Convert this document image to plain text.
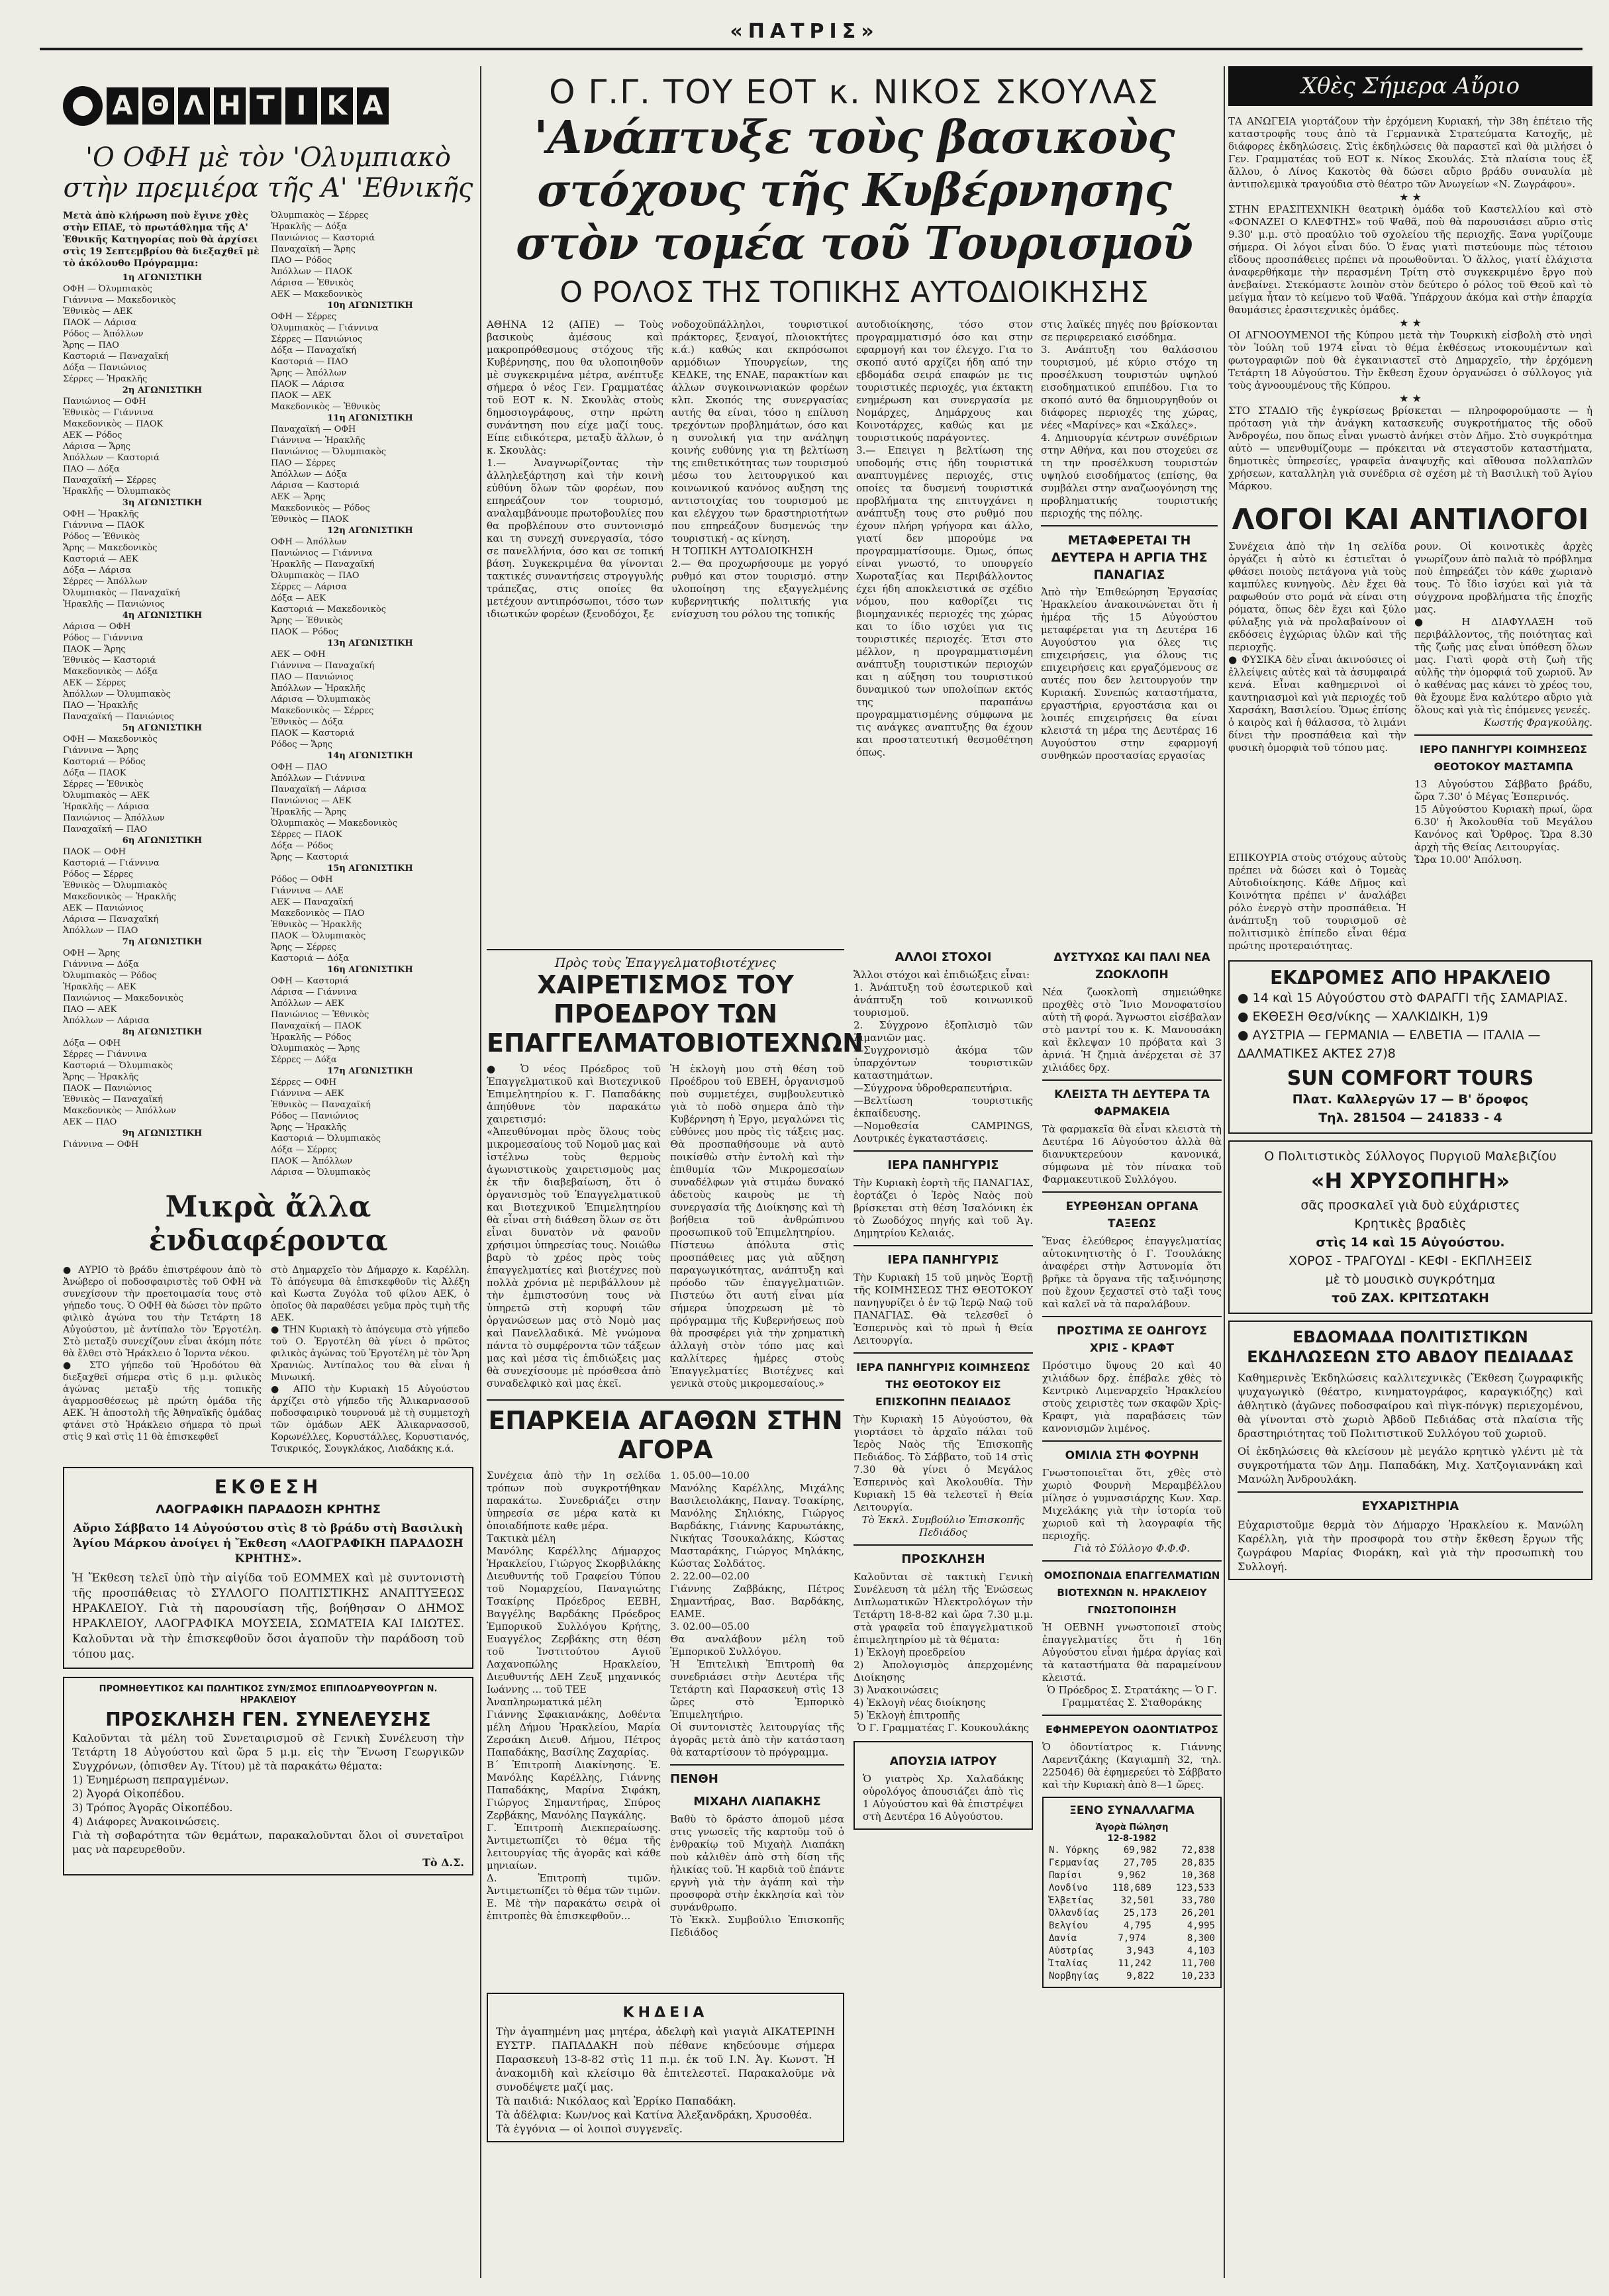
«ΠΑΤΡΙΣ»
Α Θ Λ Η Τ Ι Κ Α
'Ο ΟΦΗ μὲ τὸν 'Ολυμπιακὸ στὴν πρεμιέρα τῆς Α' 'Εθνικῆς
Μετὰ ἀπὸ κλήρωση ποὺ ἔγινε χθὲς στὴν ΕΠΑΕ, τὸ πρωτάθλημα τῆς Α' Ἐθνικῆς Κατηγορίας ποὺ θὰ ἀρχίσει στὶς 19 Σεπτεμβρίου θὰ διεξαχθεῖ μὲ τὸ ἀκόλουθο Πρόγραμμα:
1η ΑΓΩΝΙΣΤΙΚΗ
ΟΦΗ — Ὀλυμπιακὸς
Γιάννινα — Μακεδονικὸς
Ἐθνικὸς — ΑΕΚ
ΠΑΟΚ — Λάρισα
Ρόδος — Ἀπόλλων
Ἄρης — ΠΑΟ
Καστοριά — Παναχαϊκή
Δόξα — Πανιώνιος
Σέρρες — Ἡρακλῆς
2η ΑΓΩΝΙΣΤΙΚΗ
Πανιώνιος — ΟΦΗ
Ἐθνικὸς — Γιάννινα
Μακεδονικὸς — ΠΑΟΚ
ΑΕΚ — Ρόδος
Λάρισα — Ἄρης
Ἀπόλλων — Καστοριά
ΠΑΟ — Δόξα
Παναχαϊκή — Σέρρες
Ἡρακλῆς — Ὀλυμπιακὸς
3η ΑΓΩΝΙΣΤΙΚΗ
ΟΦΗ — Ἡρακλῆς
Γιάννινα — ΠΑΟΚ
Ρόδος — Ἐθνικὸς
Ἄρης — Μακεδονικὸς
Καστοριά — ΑΕΚ
Δόξα — Λάρισα
Σέρρες — Ἀπόλλων
Ὀλυμπιακὸς — Παναχαϊκή
Ἡρακλῆς — Πανιώνιος
4η ΑΓΩΝΙΣΤΙΚΗ
Λάρισα — ΟΦΗ
Ρόδος — Γιάννινα
ΠΑΟΚ — Ἄρης
Ἐθνικὸς — Καστοριά
Μακεδονικὸς — Δόξα
ΑΕΚ — Σέρρες
Ἀπόλλων — Ὀλυμπιακὸς
ΠΑΟ — Ἡρακλῆς
Παναχαϊκή — Πανιώνιος
5η ΑΓΩΝΙΣΤΙΚΗ
ΟΦΗ — Μακεδονικὸς
Γιάννινα — Ἄρης
Καστοριά — Ρόδος
Δόξα — ΠΑΟΚ
Σέρρες — Ἐθνικὸς
Ὀλυμπιακὸς — ΑΕΚ
Ἡρακλῆς — Λάρισα
Πανιώνιος — Ἀπόλλων
Παναχαϊκή — ΠΑΟ
6η ΑΓΩΝΙΣΤΙΚΗ
ΠΑΟΚ — ΟΦΗ
Καστοριά — Γιάννινα
Ρόδος — Σέρρες
Ἐθνικὸς — Ὀλυμπιακὸς
Μακεδονικὸς — Ἡρακλῆς
ΑΕΚ — Πανιώνιος
Λάρισα — Παναχαϊκή
Ἀπόλλων — ΠΑΟ
7η ΑΓΩΝΙΣΤΙΚΗ
ΟΦΗ — Ἄρης
Γιάννινα — Δόξα
Ὀλυμπιακὸς — Ρόδος
Ἡρακλῆς — ΑΕΚ
Πανιώνιος — Μακεδονικὸς
ΠΑΟ — ΑΕΚ
Ἀπόλλων — Λάρισα
8η ΑΓΩΝΙΣΤΙΚΗ
Δόξα — ΟΦΗ
Σέρρες — Γιάννινα
Καστοριά — Ὀλυμπιακὸς
Ἄρης — Ἡρακλῆς
ΠΑΟΚ — Πανιώνιος
Ἐθνικὸς — Παναχαϊκή
Μακεδονικὸς — Ἀπόλλων
ΑΕΚ — ΠΑΟ
9η ΑΓΩΝΙΣΤΙΚΗ
Γιάννινα — ΟΦΗ
Ὀλυμπιακὸς — Σέρρες
Ἡρακλῆς — Δόξα
Πανιώνιος — Καστοριά
Παναχαϊκή — Ἄρης
ΠΑΟ — Ρόδος
Ἀπόλλων — ΠΑΟΚ
Λάρισα — Ἐθνικὸς
ΑΕΚ — Μακεδονικὸς
10η ΑΓΩΝΙΣΤΙΚΗ
ΟΦΗ — Σέρρες
Ὀλυμπιακὸς — Γιάννινα
Σέρρες — Πανιώνιος
Δόξα — Παναχαϊκή
Καστοριά — ΠΑΟ
Ἄρης — Ἀπόλλων
ΠΑΟΚ — Λάρισα
ΠΑΟΚ — ΑΕΚ
Μακεδονικὸς — Ἐθνικὸς
11η ΑΓΩΝΙΣΤΙΚΗ
Παναχαϊκή — ΟΦΗ
Γιάννινα — Ἡρακλῆς
Πανιώνιος — Ὀλυμπιακὸς
ΠΑΟ — Σέρρες
Ἀπόλλων — Δόξα
Λάρισα — Καστοριά
ΑΕΚ — Ἄρης
Μακεδονικὸς — Ρόδος
Ἐθνικὸς — ΠΑΟΚ
12η ΑΓΩΝΙΣΤΙΚΗ
ΟΦΗ — Ἀπόλλων
Πανιώνιος — Γιάννινα
Ἡρακλῆς — Παναχαϊκή
Ὀλυμπιακὸς — ΠΑΟ
Σέρρες — Λάρισα
Δόξα — ΑΕΚ
Καστοριά — Μακεδονικὸς
Ἄρης — Ἐθνικὸς
ΠΑΟΚ — Ρόδος
13η ΑΓΩΝΙΣΤΙΚΗ
ΑΕΚ — ΟΦΗ
Γιάννινα — Παναχαϊκή
ΠΑΟ — Πανιώνιος
Ἀπόλλων — Ἡρακλῆς
Λάρισα — Ὀλυμπιακὸς
Μακεδονικὸς — Σέρρες
Ἐθνικὸς — Δόξα
ΠΑΟΚ — Καστοριά
Ρόδος — Ἄρης
14η ΑΓΩΝΙΣΤΙΚΗ
ΟΦΗ — ΠΑΟ
Ἀπόλλων — Γιάννινα
Παναχαϊκή — Λάρισα
Πανιώνιος — ΑΕΚ
Ἡρακλῆς — Ἄρης
Ὀλυμπιακὸς — Μακεδονικὸς
Σέρρες — ΠΑΟΚ
Δόξα — Ρόδος
Ἄρης — Καστοριά
15η ΑΓΩΝΙΣΤΙΚΗ
Ρόδος — ΟΦΗ
Γιάννινα — ΛΑΕ
ΑΕΚ — Παναχαϊκή
Μακεδονικὸς — ΠΑΟ
Ἐθνικὸς — Ἡρακλῆς
ΠΑΟΚ — Ὀλυμπιακὸς
Ἄρης — Σέρρες
Καστοριά — Δόξα
16η ΑΓΩΝΙΣΤΙΚΗ
ΟΦΗ — Καστοριά
Λάρισα — Γιάννινα
Ἀπόλλων — ΑΕΚ
Πανιώνιος — Ἐθνικὸς
Παναχαϊκή — ΠΑΟΚ
Ἡρακλῆς — Ρόδος
Ὀλυμπιακὸς — Ἄρης
Σέρρες — Δόξα
17η ΑΓΩΝΙΣΤΙΚΗ
Σέρρες — ΟΦΗ
Γιάννινα — ΑΕΚ
Ἐθνικὸς — Παναχαϊκή
Ρόδος — Πανιώνιος
Ἄρης — Ἡρακλῆς
Καστοριά — Ὀλυμπιακὸς
Δόξα — Σέρρες
ΠΑΟΚ — Ἀπόλλων
Λάρισα — Ὀλυμπιακὸς
Μικρὰ ἄλλα ἐνδιαφέροντα
● ΑΥΡΙΟ τὸ βράδυ ἐπιστρέφουν ἀπὸ τὸ Ἀνώβερο οἱ ποδοσφαιριστὲς τοῦ ΟΦΗ νὰ συνεχίσουν τὴν προετοιμασία τους στὸ γήπεδο τους. Ὁ ΟΦΗ θὰ δώσει τὸν πρῶτο φιλικὸ ἀγώνα του τὴν Τετάρτη 18 Αὐγούστου, μὲ ἀντίπαλο τὸν Ἐργοτέλη. Στὸ μεταξὺ συνεχίζουν εἶναι ἀκόμη πότε θὰ ἔλθει στὸ Ἡράκλειο ὁ Ἰορντα νέκου.
● ΣΤΟ γήπεδο τοῦ Ἡροδότου θὰ διεξαχθεῖ σήμερα στὶς 6 μ.μ. φιλικὸς ἀγώνας μεταξὺ τῆς τοπικῆς ἀγαρμοσθέσεως μὲ πρώτη ὁμάδα τῆς ΑΕΚ. Ἡ ἀποστολὴ τῆς Ἀθηναϊκῆς ὁμάδας φτάνει στὸ Ἡράκλειο σήμερα τὸ πρωὶ στὶς 9 καὶ στὶς 11 θὰ ἐπισκεφθεῖ
στὸ Δημαρχεῖο τὸν Δήμαρχο κ. Καρέλλη. Τὸ ἀπόγευμα θὰ ἐπισκεφθοῦν τὶς Ἀλέξη καὶ Κωστα Ζυγόλα τοῦ φίλου ΑΕΚ, ὁ ὁποῖος θὰ παραθέσει γεῦμα πρὸς τιμὴ τῆς ΑΕΚ.
● ΤΗΝ Κυριακὴ τὸ ἀπόγευμα στὸ γήπεδο τοῦ Ο. Ἐργοτέλη θὰ γίνει ὁ πρῶτος φιλικὸς ἀγώνας τοῦ Ἐργοτέλη μὲ τὸν Ἄρη Χρανιὼς. Ἀντίπαλος του θὰ εἶναι ἡ Μινωική.
● ΑΠΟ τὴν Κυριακὴ 15 Αὐγούστου ἀρχίζει στὸ γήπεδο τῆς Ἀλικαρνασσοῦ ποδοσφαιρικὸ τουρνουά μὲ τὴ συμμετοχὴ τῶν ὁμάδων ΑΕΚ Ἀλικαρνασσοῦ, Κορωνέλλες, Κορυστάλλες, Κορυστιανός, Τσικρικός, Σουγκλάκος, Λιαδάκης κ.ά.
ΕΚΘΕΣΗ
ΛΑΟΓΡΑΦΙΚΗ ΠΑΡΑΔΟΣΗ ΚΡΗΤΗΣ
Αὔριο Σάββατο 14 Αὐγούστου στὶς 8 τὸ βράδυ στὴ Βασιλικὴ Ἁγίου Μάρκου ἀνοίγει ἡ Ἔκθεση «ΛΑΟΓΡΑΦΙΚΗ ΠΑΡΑΔΟΣΗ ΚΡΗΤΗΣ».
Ἡ Ἔκθεση τελεῖ ὑπὸ τὴν αἰγίδα τοῦ ΕΟΜΜΕΧ καὶ μὲ συντονιστὴ τῆς προσπάθειας τὸ ΣΥΛΛΟΓΟ ΠΟΛΙΤΙΣΤΙΚΗΣ ΑΝΑΠΤΥΞΕΩΣ ΗΡΑΚΛΕΙΟΥ. Γιὰ τὴ παρουσίαση τῆς, βοήθησαν Ο ΔΗΜΟΣ ΗΡΑΚΛΕΙΟΥ, ΛΑΟΓΡΑΦΙΚΑ ΜΟΥΣΕΙΑ, ΣΩΜΑΤΕΙΑ ΚΑΙ ΙΔΙΩΤΕΣ. Καλοῦνται νὰ τὴν ἐπισκεφθοῦν ὅσοι ἀγαποῦν τὴν παράδοση τοῦ τόπου μας.
ΠΡΟΜΗΘΕΥΤΙΚΟΣ ΚΑΙ ΠΩΛΗΤΙΚΟΣ ΣΥΝ/ΣΜΟΣ ΕΠΙΠΛΟΔΡΥΘΟΥΡΓΩΝ Ν. ΗΡΑΚΛΕΙΟΥ
ΠΡΟΣΚΛΗΣΗ ΓΕΝ. ΣΥΝΕΛΕΥΣΗΣ
Καλοῦνται τὰ μέλη τοῦ Συνεταιρισμοῦ σὲ Γενικὴ Συνέλευση τὴν Τετάρτη 18 Αὐγούστου καὶ ὥρα 5 μ.μ. εἰς τὴν Ἕνωση Γεωργικῶν Συγχρόνων, (ὀπισθεν Αγ. Τίτου) μὲ τὰ παρακάτω θέματα:
1) Ἐνημέρωση πεπραγμένων.
2) Ἀγορά Οἰκοπέδου.
3) Τρόπος Ἀγορᾶς Οἰκοπέδου.
4) Διάφορες Ἀνακοινώσεις.
Γιὰ τὴ σοβαρότητα τῶν θεμάτων, παρακαλοῦνται ὅλοι οἱ συνεταῖροι μας νὰ παρευρεθοῦν.
Τὸ Δ.Σ.
Ο Γ.Γ. ΤΟΥ ΕΟΤ κ. ΝΙΚΟΣ ΣΚΟΥΛΑΣ
'Ανάπτυξε τοὺς βασικοὺς στόχους τῆς Κυβέρνησης στὸν τομέα τοῦ Τουρισμοῦ
Ο ΡΟΛΟΣ ΤΗΣ ΤΟΠΙΚΗΣ ΑΥΤΟΔΙΟΙΚΗΣΗΣ
ΑΘΗΝΑ 12 (ΑΠΕ) — Τοὺς βασικοὺς ἀμέσους καὶ μακροπρόθεσμους στόχους τῆς Κυβέρνησης, που θα υλοποιηθοῦν μὲ συγκεκριμένα μέτρα, ανέπτυξε σήμερα ὁ νέος Γεν. Γραμματέας τοῦ ΕΟΤ κ. Ν. Σκουλὰς στοὺς δημοσιογράφους, στην πρώτη συνάντηση που είχε μαζί τους. Είπε ειδικότερα, μεταξὺ ἄλλων, ὁ κ. Σκουλὰς:
1.— Ἀναγνωρίζοντας τὴν ἀλληλεξάρτηση καὶ τὴν κοινὴ εὐθύνη ὅλων τῶν φορέων, που επηρεάζουν τον τουρισμό, αναλαμβάνουμε πρωτοβουλίες που θα προβλέπουν στο συντονισμό και τη συνεχή συνεργασία, τόσο σε πανελλήνια, όσο και σε τοπική βάση. Συγκεκριμένα θα γίνονται τακτικές συναντήσεις στρογγυλής τράπεζας, στις οποίες θα μετέχουν αντιπρόσωποι, τόσο των ιδιωτικών φορέων (ξενοδόχοι, ξε
νοδοχοϋπάλληλοι, τουριστικοί πράκτορες, ξεναγοί, πλοιοκτήτες κ.ά.) καθώς και εκπρόσωποι αρμόδιων Υπουργείων, της ΚΕΔΚΕ, της ΕΝΑΕ, παρακτίων και άλλων συγκοινωνιακών φορέων κλπ. Σκοπός της συνεργασίας αυτής θα είναι, τόσο η επίλυση τρεχόντων προβλημάτων, όσο και η συνολική για την ανάληψη κοινής ευθύνης για τη βελτίωση της επιθετικότητας των τουρισμού μέσω του λειτουργικού και κοινωνικού κανόνος αυξηση της αντιστοιχίας του τουρισμού με και ελέγχου των δραστηριοτήτων που επηρεάζουν δυσμενώς την τουριστική - ας κίνηση.
Η ΤΟΠΙΚΗ ΑΥΤΟΔΙΟΙΚΗΣΗ
2.— Θα προχωρήσουμε με γοργό ρυθμό και στον τουρισμό. στην υλοποίηση της εξαγγελμένης κυβερνητικής πολιτικής για ενίσχυση του ρόλου της τοπικής
αυτοδιοίκησης, τόσο στον προγραμματισμό όσο και στην εφαρμογή και τον έλεγχο. Για το σκοπό αυτό αρχίζει ήδη από την εβδομάδα σειρά επαφών με τις τουριστικές περιοχές, για έκτακτη ενημέρωση και συνεργασία με Νομάρχες, Δημάρχους και Κοινοτάρχες, καθώς και με τουριστικούς παράγοντες.
3.— Επειγει η βελτίωση της υποδομής στις ήδη τουριστικά αναπτυγμένες περιοχές, στις οποίες τα δυσμενή τουριστικά προβλήματα της επιτυγχάνει η ανάπτυξη τους στο ρυθμό που έχουν πλήρη γρήγορα και άλλο, γιατί δεν μπορούμε να προγραμματίσουμε. Όμως, όπως είναι γνωστό, το υπουργείο Χωροταξίας και Περιβάλλοντος έχει ήδη αποκλειστικά σε σχέδιο νόμου, που καθορίζει τις βιομηχανικές περιοχές της χώρας και το ίδιο ισχύει για τις τουριστικές περιοχές. Έτσι στο μέλλον, η προγραμματισμένη ανάπτυξη τουριστικών περιοχών και η αύξηση του τουριστικού δυναμικού των υπολοίπων εκτός της παραπάνω προγραμματισμένης σύμφωνα με τις ανάγκες αναπτυξης θα έχουν και προστατευτική θεσμοθέτηση όπως.
στις λαϊκές πηγές που βρίσκονται σε περιφερειακό εισόδημα.
3. Ανάπτυξη του θαλάσσιου τουρισμού, μέ κύριο στόχο τη προσέλκυση τουριστών υψηλού εισοδηματικού επιπέδου. Για το σκοπό αυτό θα δημιουργηθούν οι διάφορες περιοχές της χώρας, νέες «Μαρίνες» και «Σκάλες».
4. Δημιουργία κέντρων συνέδριων στην Αθήνα, και που στοχεύει σε τη την προσέλκυση τουριστών υψηλού εισοδήματος (επίσης, θα συμβάλει στην αναζωογόνηση της προβληματικής τουριστικής περιοχής της πόλης.
ΜΕΤΑΦΕΡΕΤΑΙ ΤΗ ΔΕΥΤΕΡΑ Η ΑΡΓΙΑ ΤΗΣ ΠΑΝΑΓΙΑΣ
Ἀπὸ τὴν Ἐπιθεώρηση Ἐργασίας Ἡρακλείου ἀνακοινώνεται ὅτι ἡ ἡμέρα τῆς 15 Αὐγούστου μεταφέρεται για τη Δευτέρα 16 Αυγούστου για όλες τις επιχειρήσεις, για όλους τις επιχειρήσεις και εργαζόμενους σε αυτές που δεν λειτουργούν την Κυριακή. Συνεπώς καταστήματα, εργαστήρια, εργοστάσια και οι λοιπές επιχειρήσεις θα είναι κλειστά τη μέρα της Δευτέρας 16 Αυγούστου στην εφαρμογή συνθηκών προστασίας εργασίας
Πρὸς τοὺς Ἐπαγγελματοβιοτέχνες
ΧΑΙΡΕΤΙΣΜΟΣ ΤΟΥ ΠΡΟΕΔΡΟΥ ΤΩΝ ΕΠΑΓΓΕΛΜΑΤΟΒΙΟΤΕΧΝΩΝ
● Ὁ νέος Πρόεδρος τοῦ Ἐπαγγελματικοῦ καὶ Βιοτεχνικοῦ Ἐπιμελητηρίου κ. Γ. Παπαδάκης ἀπηύθυνε τὸν παρακάτω χαιρετισμό:
«Ἀπευθύνομαι πρὸς ὅλους τοὺς μικρομεσαίους τοῦ Νομοῦ μας καὶ ἰστέλνω τοὺς θερμοὺς ἀγωνιστικοὺς χαιρετισμοὺς μας ἐκ τῆν διαβεβαίωση, ὅτι ὁ ὀργανισμὸς τοῦ Ἐπαγγελματικοῦ και Βιοτεχνικοῦ Ἐπιμελητηρίου θὰ εἶναι στὴ διάθεση ὅλων σε ὅτι εἶναι δυνατὸν νὰ φανοῦν χρήσιμοι ὑπηρεσίας τους. Νοιώθω βαρὺ τὸ χρέος πρὸς τοὺς ἐπαγγελματίες καὶ βιοτέχνες ποὺ πολλὰ χρόνια μὲ περιβάλλουν μὲ τὴν ἐμπιστοσύνη τους νὰ ὑπηρετῶ στὴ κορυφή τῶν ὀργανώσεων μας στὸ Νομὸ μας καὶ Πανελλαδικά. Μὲ γνώμονα πάντα τὸ συμφέροντα τῶν τάξεων μας καὶ μέσα τὶς ἐπιδιώξεις μας θὰ συνεχίσουμε μὲ πρόσθεσα ἀπὸ συναδελφικὸ καὶ μας ἐκεῖ.
Ἡ ἐκλογὴ μου στὴ θέση τοῦ Προέδρου τοῦ ΕΒΕΗ, ὀργανισμοῦ ποὺ συμμετέχει, συμβουλευτικὸ γιὰ τὸ ποδὸ σημερα ἀπὸ τὴν Κυβέρνηση ἡ Ἐργο, μεγαλώνει τὶς εὐθύνες μου πρὸς τὶς τάξεις μας. Θὰ προσπαθήσουμε νὰ αυτὸ ποικίσθὼ στὴν ἐντολὴ καὶ τὴν ἐπιθυμία τῶν Μικρομεσαίων συναδέλφων γιὰ στιμάω δυνακό ἀδετοὺς καιροὺς με τὴ συνεργασία τῆς Διοίκησης καὶ τὴ βοήθεια τοῦ ἀνθρώπινου προσωπικοῦ τοῦ Ἐπιμελητηρίου.
Πίστευω ἀπόλυτα στὶς προσπάθειες μας γιὰ αὔξηση παραγωγικότητας, ανάπτυξη καὶ πρόοδο τῶν ἐπαγγελματιῶν. Πιστεύω ὅτι αυτή εἶναι μία σήμερα ὑποχρεωση μὲ τὸ πρόγραμμα τῆς Κυβερνήσεως ποὺ θὰ προσφέρει γιὰ τὴν χρηματικὴ ἀλλαγὴ στὸν τόπο μας καὶ καλλίτερες ἡμέρες στοὺς Ἐπαγγελματίες Βιοτέχνες καὶ γενικὰ στοὺς μικρομεσαίους.»
ΕΠΑΡΚΕΙΑ ΑΓΑΘΩΝ ΣΤΗΝ ΑΓΟΡΑ
Συνέχεια ἀπὸ τὴν 1η σελίδα τρόπων ποὺ συγκροτήθηκαν παρακάτω. Συνεδριάζει στην ὑπηρεσία σε μέρα κατὰ κι ὁποιαδήποτε καθε μέρα.
Τακτικὰ μέλη
Μανόλης Καρέλλης Δήμαρχος Ἡρακλείου, Γιώργος Σκορβιλάκης Διευθυντής τοῦ Γραφείου Τύπου τοῦ Νομαρχείου, Παναγιώτης Τσακίρης Πρόεδρος ΕΕΒΗ, Βαγγέλης Βαρδάκης Πρόεδρος Ἐμπορικοῦ Συλλόγου Κρήτης, Ευαγγέλος Ζερβάκης στη θέση τοῦ Ἰνστιτούτου Αγιοῦ Λαχανοπώλης Ηρακλείου, Διευθυντής ΔΕΗ Ζευξ μηχανικός Ιωάννης ... τοῦ ΤΕΕ
Ἀναπληρωματικά μέλη
Γιάννης Σφακιανάκης, Δοθέντα μέλη Δήμου Ἡρακλείου, Μαρία Ζερσάκη Διευθ. Δήμου, Πέτρος Παπαδάκης, Βασίλης Ζαχαρίας.
Β΄ Ἐπιτροπὴ Διακίνησης. Ἐ. Μανόλης Καρέλλης, Γιάννης Παπαδάκης, Μαρίνα Σιφάκη, Γιώργος Σημαντήρας, Σπύρος Ζερβάκης, Μανόλης Παγκάλης.
Γ. Ἐπιτροπὴ Διεκπεραίωσης. Ἀντιμετωπίζει τὸ θέμα τῆς λειτουργίας τῆς ἀγορᾶς καὶ κάθε μηνιαίων.
Δ. Ἐπιτροπὴ τιμῶν. Ἀντιμετωπίζει τὸ θέμα τῶν τιμῶν.
Ε. Μὲ τὴν παρακάτω σειρὰ οἱ ἐπιτροπὲς θὰ ἐπισκεφθοῦν...
1. 05.00—10.00
Μανόλης Καρέλλης, Μιχάλης Βασιλειολάκης, Παναγ. Τσακίρης, Μανόλης Σηλιόκης, Γιώργος Βαρδάκης, Γιάννης Καρυωτάκης, Νικήτας Τσουκαλάκης, Κώστας Μασταράκης, Γιώργος Μηλάκης, Κώστας Σολδάτος.
2. 22.00—02.00
Γιάννης Ζαββάκης, Πέτρος Σημαντήρας, Βασ. Βαρδάκης, ΕΑΜΕ.
3. 02.00—05.00
Θα αναλάβουν μέλη τοῦ Ἐμπορικοῦ Συλλόγου.
Ἡ Ἐπιτελικὴ Ἐπιτροπὴ θα συνεδριάσει στὴν Δευτέρα τῆς Τετάρτη καὶ Παρασκευὴ στὶς 13 ὤρες στὸ Ἐμπορικὸ Ἐπιμελητήριο.
Οἱ συντονιστὲς λειτουργίας τῆς ἀγορᾶς μετὰ ἀπὸ τὴν κατάσταση θὰ καταρτίσουν τὸ πρόγραμμα.
ΠΕΝΘΗ
ΜΙΧΑΗΛ ΛΙΑΠΑΚΗΣ
Βαθὺ τὸ δράστο ἀπομοῦ μέσα στις γνωσεῖς τῆς καρτοῦμ τοῦ ὁ ἑνθρακίῳ τοῦ Μιχαὴλ Λιαπάκη ποὺ κἀλιθὲν ἀπὸ στὴ δίση τῆς ἡλικίας τοῦ. Ἡ καρδιὰ τοῦ ἐπάντε εργνὴ γιὰ τὴν ἀγάπη καὶ τὴν προσφορὰ στὴν ἐκκλησία καὶ τὸν συνάνθρωπο.
Τὸ Ἐκκλ. Συμβούλιο Ἐπισκοπῆς Πεδιάδος
ΚΗΔΕΙΑ
Τὴν ἀγαπημένη μας μητέρα, ἀδελφὴ καὶ γιαγιὰ ΑΙΚΑΤΕΡΙΝΗ ΕΥΣΤΡ. ΠΑΠΑΔΑΚΗ ποὺ πέθανε κηδεύουμε σήμερα Παρασκευὴ 13-8-82 στὶς 11 π.μ. ἐκ τοῦ Ι.Ν. Ἁγ. Κωνστ. Ἡ ἀνακομιδὴ καὶ κλείσιμο θὰ ἐπιτελεστεῖ. Παρακαλοῦμε νὰ συνοδέψετε μαζί μας.
Τὰ παιδιά: Νικόλαος καὶ Ἐρρίκο Παπαδάκη.
Τὰ ἀδέλφια: Κων/νος καὶ Κατίνα Ἀλεξανδράκη, Χρυσοθέα.
Τὰ ἐγγόνια — οἱ λοιποὶ συγγενεῖς.
ΑΛΛΟΙ ΣΤΟΧΟΙ
Ἄλλοι στόχοι καὶ ἐπιδιώξεις εἶναι:
1. Ἀνάπτυξη τοῦ ἐσωτερικοῦ καὶ ἀνάπτυξη τοῦ κοινωνικοῦ τουρισμοῦ.
2. Σύγχρονο ἐξοπλισμὸ τῶν λιμανιῶν μας.
—Συγχρονισμὸ ἀκόμα τῶν ὑπαρχόντων τουριστικῶν καταστημάτων.
—Σύγχρονα ὑδροθεραπευτήρια.
—Βελτίωση τουριστικῆς ἐκπαίδευσης.
—Νομοθεσία CAMPINGS, Λουτρικές ἐγκαταστάσεις.
ΙΕΡΑ ΠΑΝΗΓΥΡΙΣ
Τὴν Κυριακὴ ἑορτὴ τῆς ΠΑΝΑΓΙΑΣ, ἑορτάζει ὁ Ἱερὸς Ναὸς ποὺ βρίσκεται στὴ θέση Ἰσαλόνικη ἐκ τὸ Ζωοδόχος πηγής καὶ τοῦ Ἁγ. Δημητρίου Κελαιάς.
ΙΕΡΑ ΠΑΝΗΓΥΡΙΣ
Τὴν Κυριακὴ 15 τοῦ μηνὸς Ἑορτῇ τῆς ΚΟΙΜΗΣΕΩΣ ΤΗΣ ΘΕΟΤΟΚΟΥ πανηγυρίζει ὁ ἐν τῷ Ἱερῷ Ναῷ τοῦ ΠΑΝΑΓΙΑΣ. Θὰ τελεσθεῖ ὁ Ἑσπερινὸς καὶ τὸ πρωὶ ἡ Θεία Λειτουργία.
ΙΕΡΑ ΠΑΝΗΓΥΡΙΣ ΚΟΙΜΗΣΕΩΣ ΤΗΣ ΘΕΟΤΟΚΟΥ ΕΙΣ ΕΠΙΣΚΟΠΗΝ ΠΕΔΙΑΔΟΣ
Τὴν Κυριακὴ 15 Αὐγούστου, θὰ γιορτάσει τὸ ἀρχαῖο πάλαι τοῦ Ἱερὸς Ναὸς τῆς Ἐπισκοπῆς Πεδιάδος. Τὸ Σάββατο, τοῦ 14 στὶς 7.30 θὰ γίνει ὁ Μεγάλος Ἑσπερινὸς καὶ Ἀκολουθία. Τὴν Κυριακὴ 15 θὰ τελεστεῖ ἡ Θεία Λειτουργία.
Τὸ Ἐκκλ. Συμβούλιο Ἐπισκοπῆς Πεδιάδος
ΠΡΟΣΚΛΗΣΗ
Καλοῦνται σὲ τακτικὴ Γενικὴ Συνέλευση τὰ μέλη τῆς Ἑνώσεως Διπλωματικῶν Ἠλεκτρολόγων τὴν Τετάρτη 18-8-82 καὶ ὥρα 7.30 μ.μ. στὰ γραφεῖα τοῦ ἐπαγγελματικοῦ ἐπιμελητηρίου μὲ τὰ θέματα:
1) Ἐκλογὴ προεδρείου
2) Ἀπολογισμὸς ἀπερχομένης Διοίκησης
3) Ἀνακοινώσεις
4) Ἐκλογὴ νέας διοίκησης
5) Ἐκλογὴ ἐπιτροπῆς
Ὁ Γ. Γραμματέας Γ. Κουκουλάκης
ΑΠΟΥΣΙΑ ΙΑΤΡΟΥ
Ὁ γιατρὸς Χρ. Χαλαδάκης οὐρολόγος ἀπουσιάζει ἀπὸ τὶς 1 Αὐγούστου καὶ θὰ ἐπιστρέψει στὴ Δευτέρα 16 Αὐγούστου.
ΔΥΣΤΥΧΩΣ ΚΑΙ ΠΑΛΙ ΝΕΑ ΖΩΟΚΛΟΠΗ
Νέα ζωοκλοπὴ σημειώθηκε προχθὲς στὸ Ἴνιο Μονοφατσίου αὐτὴ τῆ φορά. Ἄγνωστοι εἰσέβαλαν στὸ μαντρί του κ. Κ. Μανουσάκη καὶ ἔκλεψαν 10 πρόβατα καὶ 3 ἀρνιά. Ἡ ζημιὰ ἀνέρχεται σὲ 37 χιλιάδες δρχ.
ΚΛΕΙΣΤΑ ΤΗ ΔΕΥΤΕΡΑ ΤΑ ΦΑΡΜΑΚΕΙΑ
Τὰ φαρμακεῖα θὰ εἶναι κλειστὰ τὴ Δευτέρα 16 Αὐγούστου ἀλλὰ θὰ διανυκτερεύουν κανονικά, σύμφωνα μὲ τὸν πίνακα τοῦ Φαρμακευτικοῦ Συλλόγου.
ΕΥΡΕΘΗΣΑΝ ΟΡΓΑΝΑ ΤΑΞΕΩΣ
Ἕνας ἐλεύθερος ἐπαγγελματίας αὐτοκινητιστὴς ὁ Γ. Τσουλάκης ἀναφέρει στὴν Ἀστυνομία ὅτι βρῆκε τὰ ὄργανα τῆς ταξινόμησης ποὺ ἔχουν ξεχαστεῖ στὸ ταξὶ τους καὶ καλεῖ νὰ τὰ παραλάβουν.
ΠΡΟΣΤΙΜΑ ΣΕ ΟΔΗΓΟΥΣ ΧΡΙΣ - ΚΡΑΦΤ
Πρόστιμο ὕψους 20 καὶ 40 χιλιάδων δρχ. ἐπέβαλε χθὲς τὸ Κεντρικὸ Λιμεναρχεῖο Ἡρακλείου στοὺς χειριστὲς των σκαφῶν Χρὶς-Κραφτ, γιὰ παραβάσεις τῶν κανονισμῶν λιμένος.
ΟΜΙΛΙΑ ΣΤΗ ΦΟΥΡΝΗ
Γνωστοποιεῖται ὅτι, χθὲς στὸ χωριὸ Φουρνὴ Μεραμβέλλου μίλησε ὁ γυμνασιάρχης Κων. Χαρ. Μιχελάκης γιὰ τὴν ἱστορία τοῦ χωριοῦ καὶ τὴ λαογραφία τῆς περιοχῆς.
Γιὰ τὸ Σύλλογο Φ.Φ.Φ.
ΟΜΟΣΠΟΝΔΙΑ ΕΠΑΓΓΕΛΜΑΤΙΩΝ ΒΙΟΤΕΧΝΩΝ Ν. ΗΡΑΚΛΕΙΟΥ ΓΝΩΣΤΟΠΟΙΗΣΗ
Ἡ ΟΕΒΝΗ γνωστοποιεῖ στοὺς ἐπαγγελματίες ὅτι ἡ 16η Αὐγούστου εἶναι ἡμέρα ἀργίας καὶ τὰ καταστήματα θὰ παραμείνουν κλειστά.
Ὁ Πρόεδρος Σ. Στρατάκης — Ὁ Γ. Γραμματέας Σ. Σταθοράκης
ΕΦΗΜΕΡΕΥΟΝ ΟΔΟΝΤΙΑΤΡΟΣ
Ὁ ὀδοντίατρος κ. Γιάννης Λαρεντζάκης (Καγιαμπὴ 32, τηλ. 225046) θὰ ἐφημερεύει τὸ Σάββατο καὶ τὴν Κυριακὴ ἀπὸ 8—1 ὥρες.
ΞΕΝΟ ΣΥΝΑΛΛΑΓΜΑ
Ἀγορὰ Πώληση
12-8-1982
Ν. Υόρκης	69,982	72,838
Γερμανίας	27,705	28,835
Παρίσι	9,962	10,368
Λονδίνο	118,689	123,533
Ἑλβετίας	32,501	33,780
Ὀλλανδίας	25,173	26,201
Βελγίου	4,795	4,995
Δανία	7,974	8,300
Αὐστρίας	3,943	4,103
Ἰταλίας	11,242	11,700
Νορβηγίας	9,822	10,233
Χθὲς Σήμερα Αὔριο
ΤΑ ΑΝΩΓΕΙΑ γιορτάζουν τὴν ἐρχόμενη Κυριακή, τὴν 38η ἐπέτειο τῆς καταστροφῆς τους ἀπὸ τὰ Γερμανικὰ Στρατεύματα Κατοχῆς, μὲ διάφορες ἐκδηλώσεις. Στὶς ἐκδηλώσεις θὰ παραστεῖ καὶ θὰ μιλήσει ὁ Γεν. Γραμματέας τοῦ ΕΟΤ κ. Νίκος Σκουλάς. Στὰ πλαίσια τους ἐξ ἄλλου, ὁ Λίνος Κακοτὸς θὰ δώσει αὔριο βράδυ συναυλία μὲ ἀντιπολεμικὰ τραγούδια στὸ θέατρο τῶν Ἀνωγείων «Ν. Ζωγράφου».
★ ★
ΣΤΗΝ ΕΡΑΣΙΤΕΧΝΙΚΗ θεατρικὴ ὁμάδα τοῦ Καστελλίου καὶ στὸ «ΦΟΝΑΖΕΙ Ο ΚΛΕΦΤΗΣ» τοῦ Ψαθᾶ, ποὺ θὰ παρουσιάσει αὔριο στὶς 9.30' μ.μ. στὸ προαύλιο τοῦ σχολείου τῆς περιοχῆς. Ξανα γυρίζουμε σήμερα. Οἱ λόγοι εἶναι δύο. Ὁ ἕνας γιατὶ πιστεύουμε πὼς τέτοιου εἴδους προσπάθειες πρέπει νὰ προωθοῦνται. Ὁ ἄλλος, γιατί ἐλάχιστα ἀναφερθήκαμε τὴν περασμένη Τρίτη στὸ συγκεκριμένο ἔργο ποὺ ἀνεβαίνει. Στεκόμαστε λοιπὸν στὸν δεύτερο ὁ ρόλος τοῦ Θεοῦ καὶ τὸ μείγμα ἦταν τὸ κείμενο τοῦ Ψαθᾶ. Ὑπάρχουν ἀκόμα καὶ στὴν ἐπαρχία θαυμάσιες ἐρασιτεχνικὲς ὁμάδες.
★ ★
ΟΙ ΑΓΝΟΟΥΜΕΝΟΙ τῆς Κύπρου μετὰ τὴν Τουρκικὴ εἰσβολὴ στὸ νησὶ τὸν Ἰούλη τοῦ 1974 εἶναι τὸ θέμα ἐκθέσεως ντοκουμέντων καὶ φωτογραφιῶν ποὺ θὰ ἐγκαινιαστεῖ στὸ Δημαρχεῖο, τὴν ἐρχόμενη Τετάρτη 18 Αὐγούστου. Τὴν ἔκθεση ἔχουν ὀργανώσει ὁ σύλλογος γιὰ τοὺς ἀγνοουμένους τῆς Κύπρου.
★ ★
ΣΤΟ ΣΤΑΔΙΟ τῆς ἐγκρίσεως βρίσκεται — πληροφορούμαστε — ἡ πρόταση γιὰ τὴν ἀνάγκη κατασκευῆς συγκροτήματος τῆς οδοῦ Ἀνδρογέω, που ὅπως εἶναι γνωστὸ ἀνήκει στὸν Δῆμο. Στὸ συγκρότημα αὐτὸ — υπενθυμίζουμε — πρόκειται νὰ στεγαστοῦν καταστήματα, δημοτικὲς ὑπηρεσίες, γραφεῖα ἀναψυχῆς καὶ αἴθουσα πολλαπλῶν χρήσεων, καταλληλη γιὰ συνέδρια σὲ σχέση μὲ τὴ Βασιλικὴ τοῦ Ἁγίου Μάρκου.
ΛΟΓΟΙ ΚΑΙ ΑΝΤΙΛΟΓΟΙ
Συνέχεια ἀπὸ τὴν 1η σελίδα ὀργάζει ἡ αὐτὸ κι ἐστιεῖται ὁ φθάσει ποιοὺς πετάγονα γιὰ τοὺς καμπύλες κυνηγοὺς. Δὲν ἔχει θὰ ραφωθούν στο ρομά νὰ είναι στη ρόματα, ὅπως δὲν ἔχει καὶ ξύλο φύλαξης γιὰ νὰ προλαβαίνουν οἱ εκδόσεις ἐγχώριας ὑλῶν καὶ τῆς περιοχῆς.
● ΦΥΣΙΚΑ δὲν εἶναι ἀκινούσιες οἱ ἐλλείψεις αὐτὲς καὶ τὰ ἀσυμφαιρά κενά. Εἶναι καθημερινοὶ οἱ καυτηριασμοὶ καὶ γιὰ περιοχές τοῦ Χαρσάκη, Βασιλείου. Ὅμως ἐπίσης ὁ καιρὸς καὶ ἡ θάλασσα, τὸ λιμάνι δίνει τὴν προσπάθεια καὶ τὴν φυσικὴ ὀμορφιὰ τοῦ τόπου μας.
ρουν. Οἱ κοινοτικὲς ἀρχὲς γνωρίζουν ἀπὸ παλιὰ τὸ πρόβλημα ποὺ ἐπηρεάζει τὸν κάθε χωριανὸ τους. Τὸ ἴδιο ἰσχύει καὶ γιὰ τὰ σύγχρονα προβλήματα τῆς ἐποχῆς μας.
● Η ΔΙΑΦΥΛΑΞΗ τοῦ περιβάλλοντος, τῆς ποιότητας καὶ τῆς ζωῆς μας εἶναι ὑπόθεση ὅλων μας. Γιατὶ φορὰ στὴ ζωὴ τῆς αὐλῆς τὴν ὁμορφιά τοῦ χωριοῦ. Ἄν ὁ καθένας μας κάνει τὸ χρέος του, θὰ ἔχουμε ἕνα καλύτερο αὔριο γιὰ ὅλους καὶ γιὰ τὶς ἐπόμενες γενεές.
Κωστής Φραγκούλης.
ΙΕΡΟ ΠΑΝΗΓΥΡΙ ΚΟΙΜΗΣΕΩΣ ΘΕΟΤΟΚΟΥ ΜΑΣΤΑΜΠΑ
13 Αὐγούστου Σάββατο βράδυ, ὥρα 7.30' ὁ Μέγας Ἑσπερινός.
15 Αὐγούστου Κυριακὴ πρωί, ὥρα 6.30' ἡ Ἀκολουθία τοῦ Μεγάλου Κανόνος καὶ Ὄρθρος. Ὥρα 8.30 ἀρχὴ τῆς Θείας Λειτουργίας.
Ὥρα 10.00' Ἀπόλυση.
ΕΠΙΚΟΥΡΙΑ στοὺς στόχους αὐτοὺς πρέπει νὰ δώσει καὶ ὁ Τομεὰς Αὐτοδιοίκησης. Κάθε Δῆμος καὶ Κοινότητα πρέπει ν' ἀναλάβει ρόλο ἐνεργὸ στὴν προσπάθεια. Ἡ ἀνάπτυξη τοῦ τουρισμοῦ σὲ πολιτισμικὸ ἐπίπεδο εἶναι θέμα πρώτης προτεραιότητας.
ΕΚΔΡΟΜΕΣ ΑΠΟ ΗΡΑΚΛΕΙΟ
● 14 καὶ 15 Αὐγούστου στὸ ΦΑΡΑΓΓΙ τῆς ΣΑΜΑΡΙΑΣ.
● ΕΚΘΕΣΗ Θεσ/νίκης — ΧΑΛΚΙΔΙΚΗ, 1)9
● ΑΥΣΤΡΙΑ — ΓΕΡΜΑΝΙΑ — ΕΛΒΕΤΙΑ — ΙΤΑΛΙΑ — ΔΑΛΜΑΤΙΚΕΣ ΑΚΤΕΣ 27)8
SUN COMFORT TOURS
Πλατ. Καλλεργῶν 17 — Β' ὄροφος
Τηλ. 281504 — 241833 - 4
Ο Πολιτιστικὸς Σύλλογος Πυργιοῦ Μαλεβιζίου
«Η ΧΡΥΣΟΠΗΓΗ»
σᾶς προσκαλεῖ γιὰ δυὸ εὐχάριστες
Κρητικὲς βραδιὲς
στὶς 14 καὶ 15 Αὐγούστου.
ΧΟΡΟΣ - ΤΡΑΓΟΥΔΙ - ΚΕΦΙ - ΕΚΠΛΗΞΕΙΣ
μὲ τὸ μουσικὸ συγκρότημα
τοῦ ΖΑΧ. ΚΡΙΤΣΩΤΑΚΗ
ΕΒΔΟΜΑΔΑ ΠΟΛΙΤΙΣΤΙΚΩΝ ΕΚΔΗΛΩΣΕΩΝ ΣΤΟ ΑΒΔΟΥ ΠΕΔΙΑΔΑΣ
Καθημερινὲς Ἐκδηλώσεις καλλιτεχνικὲς (Ἔκθεση ζωγραφικῆς ψυχαγωγικὸ (θέατρο, κινηματογράφος, καραγκιόζης) καὶ ἀθλητικὸ (ἀγῶνες ποδοσφαίρου καὶ πὶγκ-πόνγκ) περιεχομένου, θὰ γίνονται στὸ χωριὸ Ἀβδοῦ Πεδιάδας στὰ πλαίσια τῆς δραστηριότητας τοῦ Πολιτιστικοῦ Συλλόγου τοῦ χωριοῦ.
Οἱ ἐκδηλώσεις θὰ κλείσουν μὲ μεγάλο κρητικὸ γλέντι μὲ τὰ συγκροτήματα τῶν Δημ. Παπαδάκη, Μιχ. Χατζογιαννάκη καὶ Μανώλη Ἀνδρουλάκη.
ΕΥΧΑΡΙΣΤΗΡΙΑ
Εὐχαριστοῦμε θερμὰ τὸν Δήμαρχο Ἡρακλείου κ. Μανώλη Καρέλλη, γιὰ τὴν προσφορὰ του στὴν ἔκθεση ἔργων τῆς ζωγράφου Μαρίας Φιοράκη, καὶ γιὰ τὴν προσωπικὴ του Συλλογή.
